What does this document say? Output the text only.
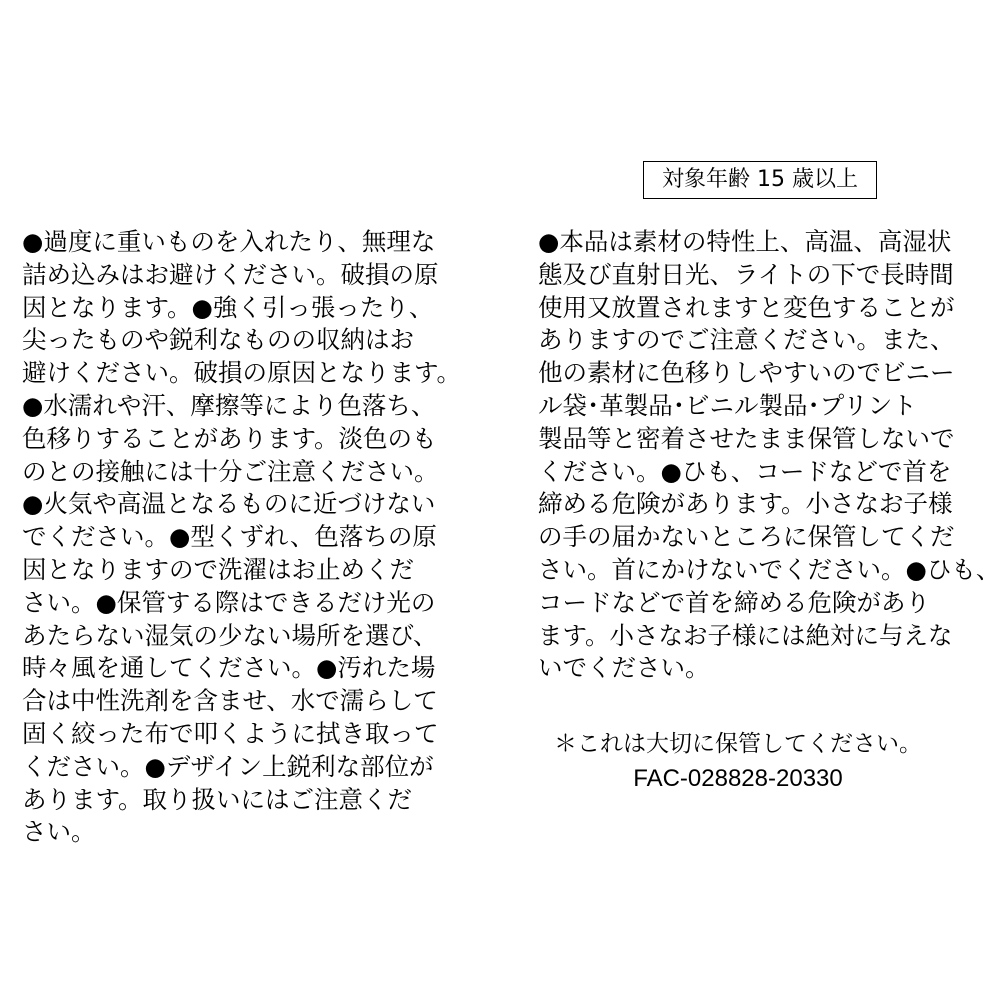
対象年齢 15 歳以上
●過度に重いものを入れたり、無理な
詰め込みはお避けください。破損の原
因となります。●強く引っ張ったり、
尖ったものや鋭利なものの収納はお
避けください。破損の原因となります。
●水濡れや汗、摩擦等により色落ち、
色移りすることがあります。淡色のも
のとの接触には十分ご注意ください。
●火気や高温となるものに近づけない
でください。●型くずれ、色落ちの原
因となりますので洗濯はお止めくだ
さい。●保管する際はできるだけ光の
あたらない湿気の少ない場所を選び、
時々風を通してください。●汚れた場
合は中性洗剤を含ませ、水で濡らして
固く絞った布で叩くように拭き取って
ください。●デザイン上鋭利な部位が
あります。取り扱いにはご注意くだ
さい。
●本品は素材の特性上、高温、高湿状
態及び直射日光、ライトの下で長時間
使用又放置されますと変色することが
ありますのでご注意ください。また、
他の素材に色移りしやすいのでビニー
ル袋･革製品･ビニル製品･プリント
製品等と密着させたまま保管しないで
ください。●ひも、コードなどで首を
締める危険があります。小さなお子様
の手の届かないところに保管してくだ
さい。首にかけないでください。●ひも、
コードなどで首を締める危険があり
ます。小さなお子様には絶対に与えな
いでください。
＊これは大切に保管してください。
FAC-028828-20330
